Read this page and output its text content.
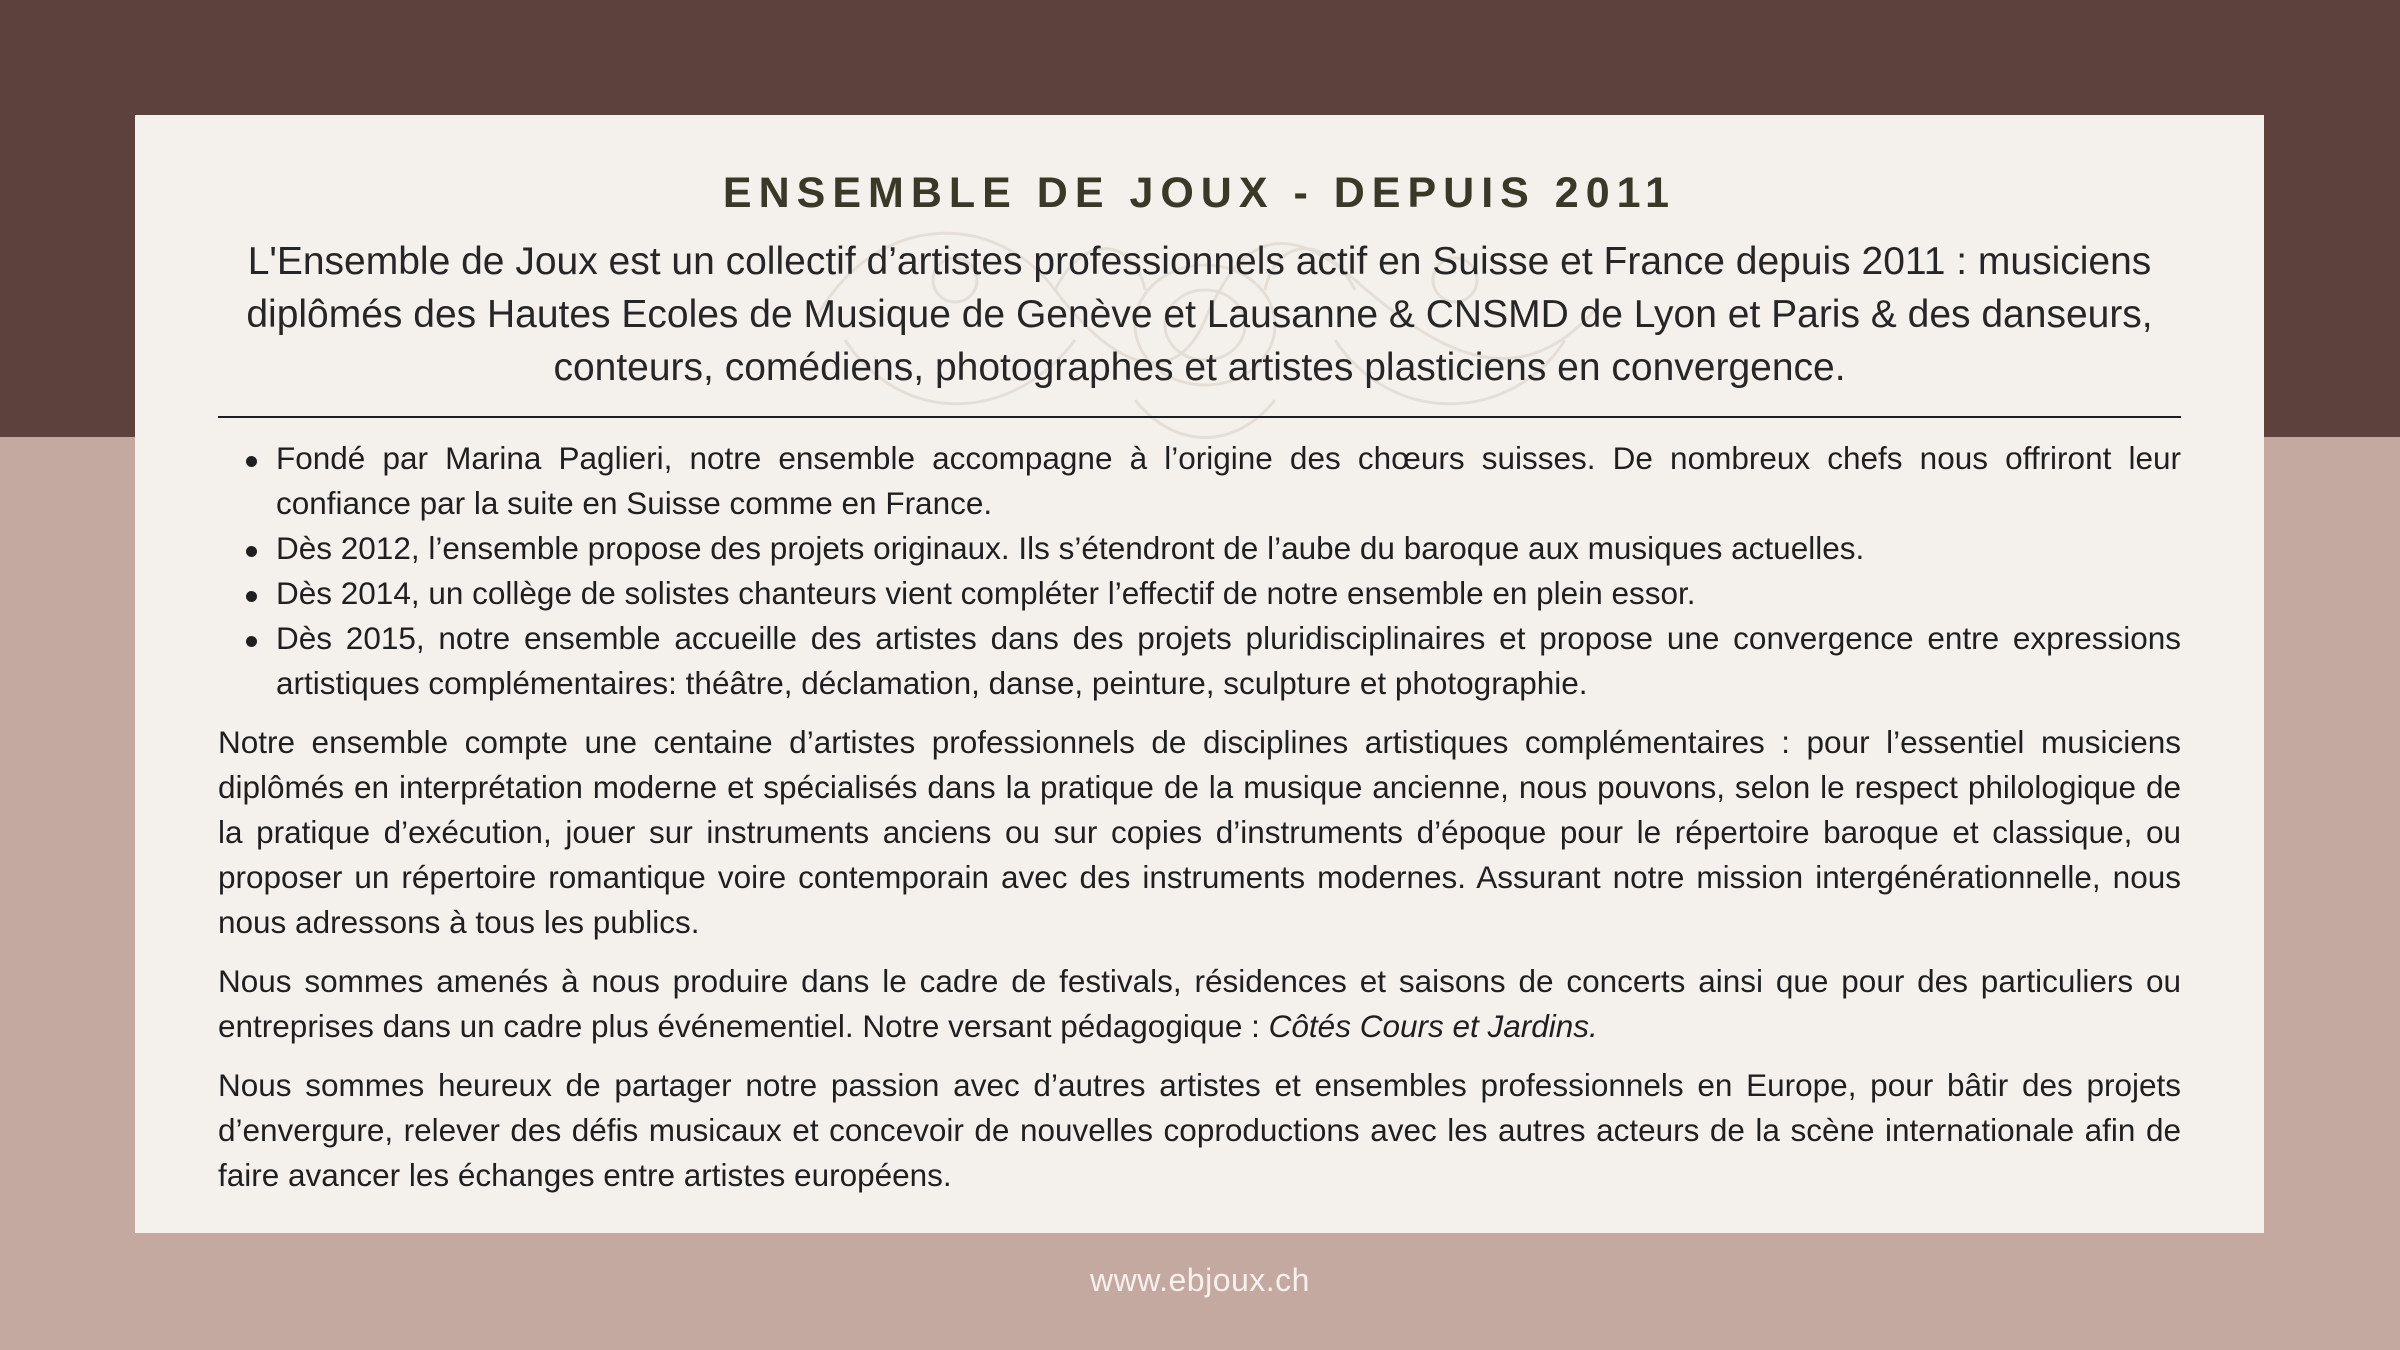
ENSEMBLE DE JOUX - DEPUIS 2011

L'Ensemble de Joux est un collectif d’artistes professionnels actif en Suisse et France depuis 2011 : musiciens diplômés des Hautes Ecoles de Musique de Genève et Lausanne & CNSMD de Lyon et Paris & des danseurs, conteurs, comédiens, photographes et artistes plasticiens en convergence.

Fondé par Marina Paglieri, notre ensemble accompagne à l’origine des chœurs suisses. De nombreux chefs nous offriront leur confiance par la suite en Suisse comme en France.
Dès 2012, l’ensemble propose des projets originaux. Ils s’étendront de l’aube du baroque aux musiques actuelles.
Dès 2014, un collège de solistes chanteurs vient compléter l’effectif de notre ensemble en plein essor.
Dès 2015, notre ensemble accueille des artistes dans des projets pluridisciplinaires et propose une convergence entre expressions artistiques complémentaires: théâtre, déclamation, danse, peinture, sculpture et photographie.

Notre ensemble compte une centaine d’artistes professionnels de disciplines artistiques complémentaires : pour l’essentiel musiciens diplômés en interprétation moderne et spécialisés dans la pratique de la musique ancienne, nous pouvons, selon le respect philologique de la pratique d’exécution, jouer sur instruments anciens ou sur copies d’instruments d’époque pour le répertoire baroque et classique, ou proposer un répertoire romantique voire contemporain avec des instruments modernes. Assurant notre mission intergénérationnelle, nous nous adressons à tous les publics.

Nous sommes amenés à nous produire dans le cadre de festivals, résidences et saisons de concerts ainsi que pour des particuliers ou entreprises dans un cadre plus événementiel. Notre versant pédagogique : Côtés Cours et Jardins.

Nous sommes heureux de partager notre passion avec d’autres artistes et ensembles professionnels en Europe, pour bâtir des projets d’envergure, relever des défis musicaux et concevoir de nouvelles coproductions avec les autres acteurs de la scène internationale afin de faire avancer les échanges entre artistes européens.

www.ebjoux.ch
